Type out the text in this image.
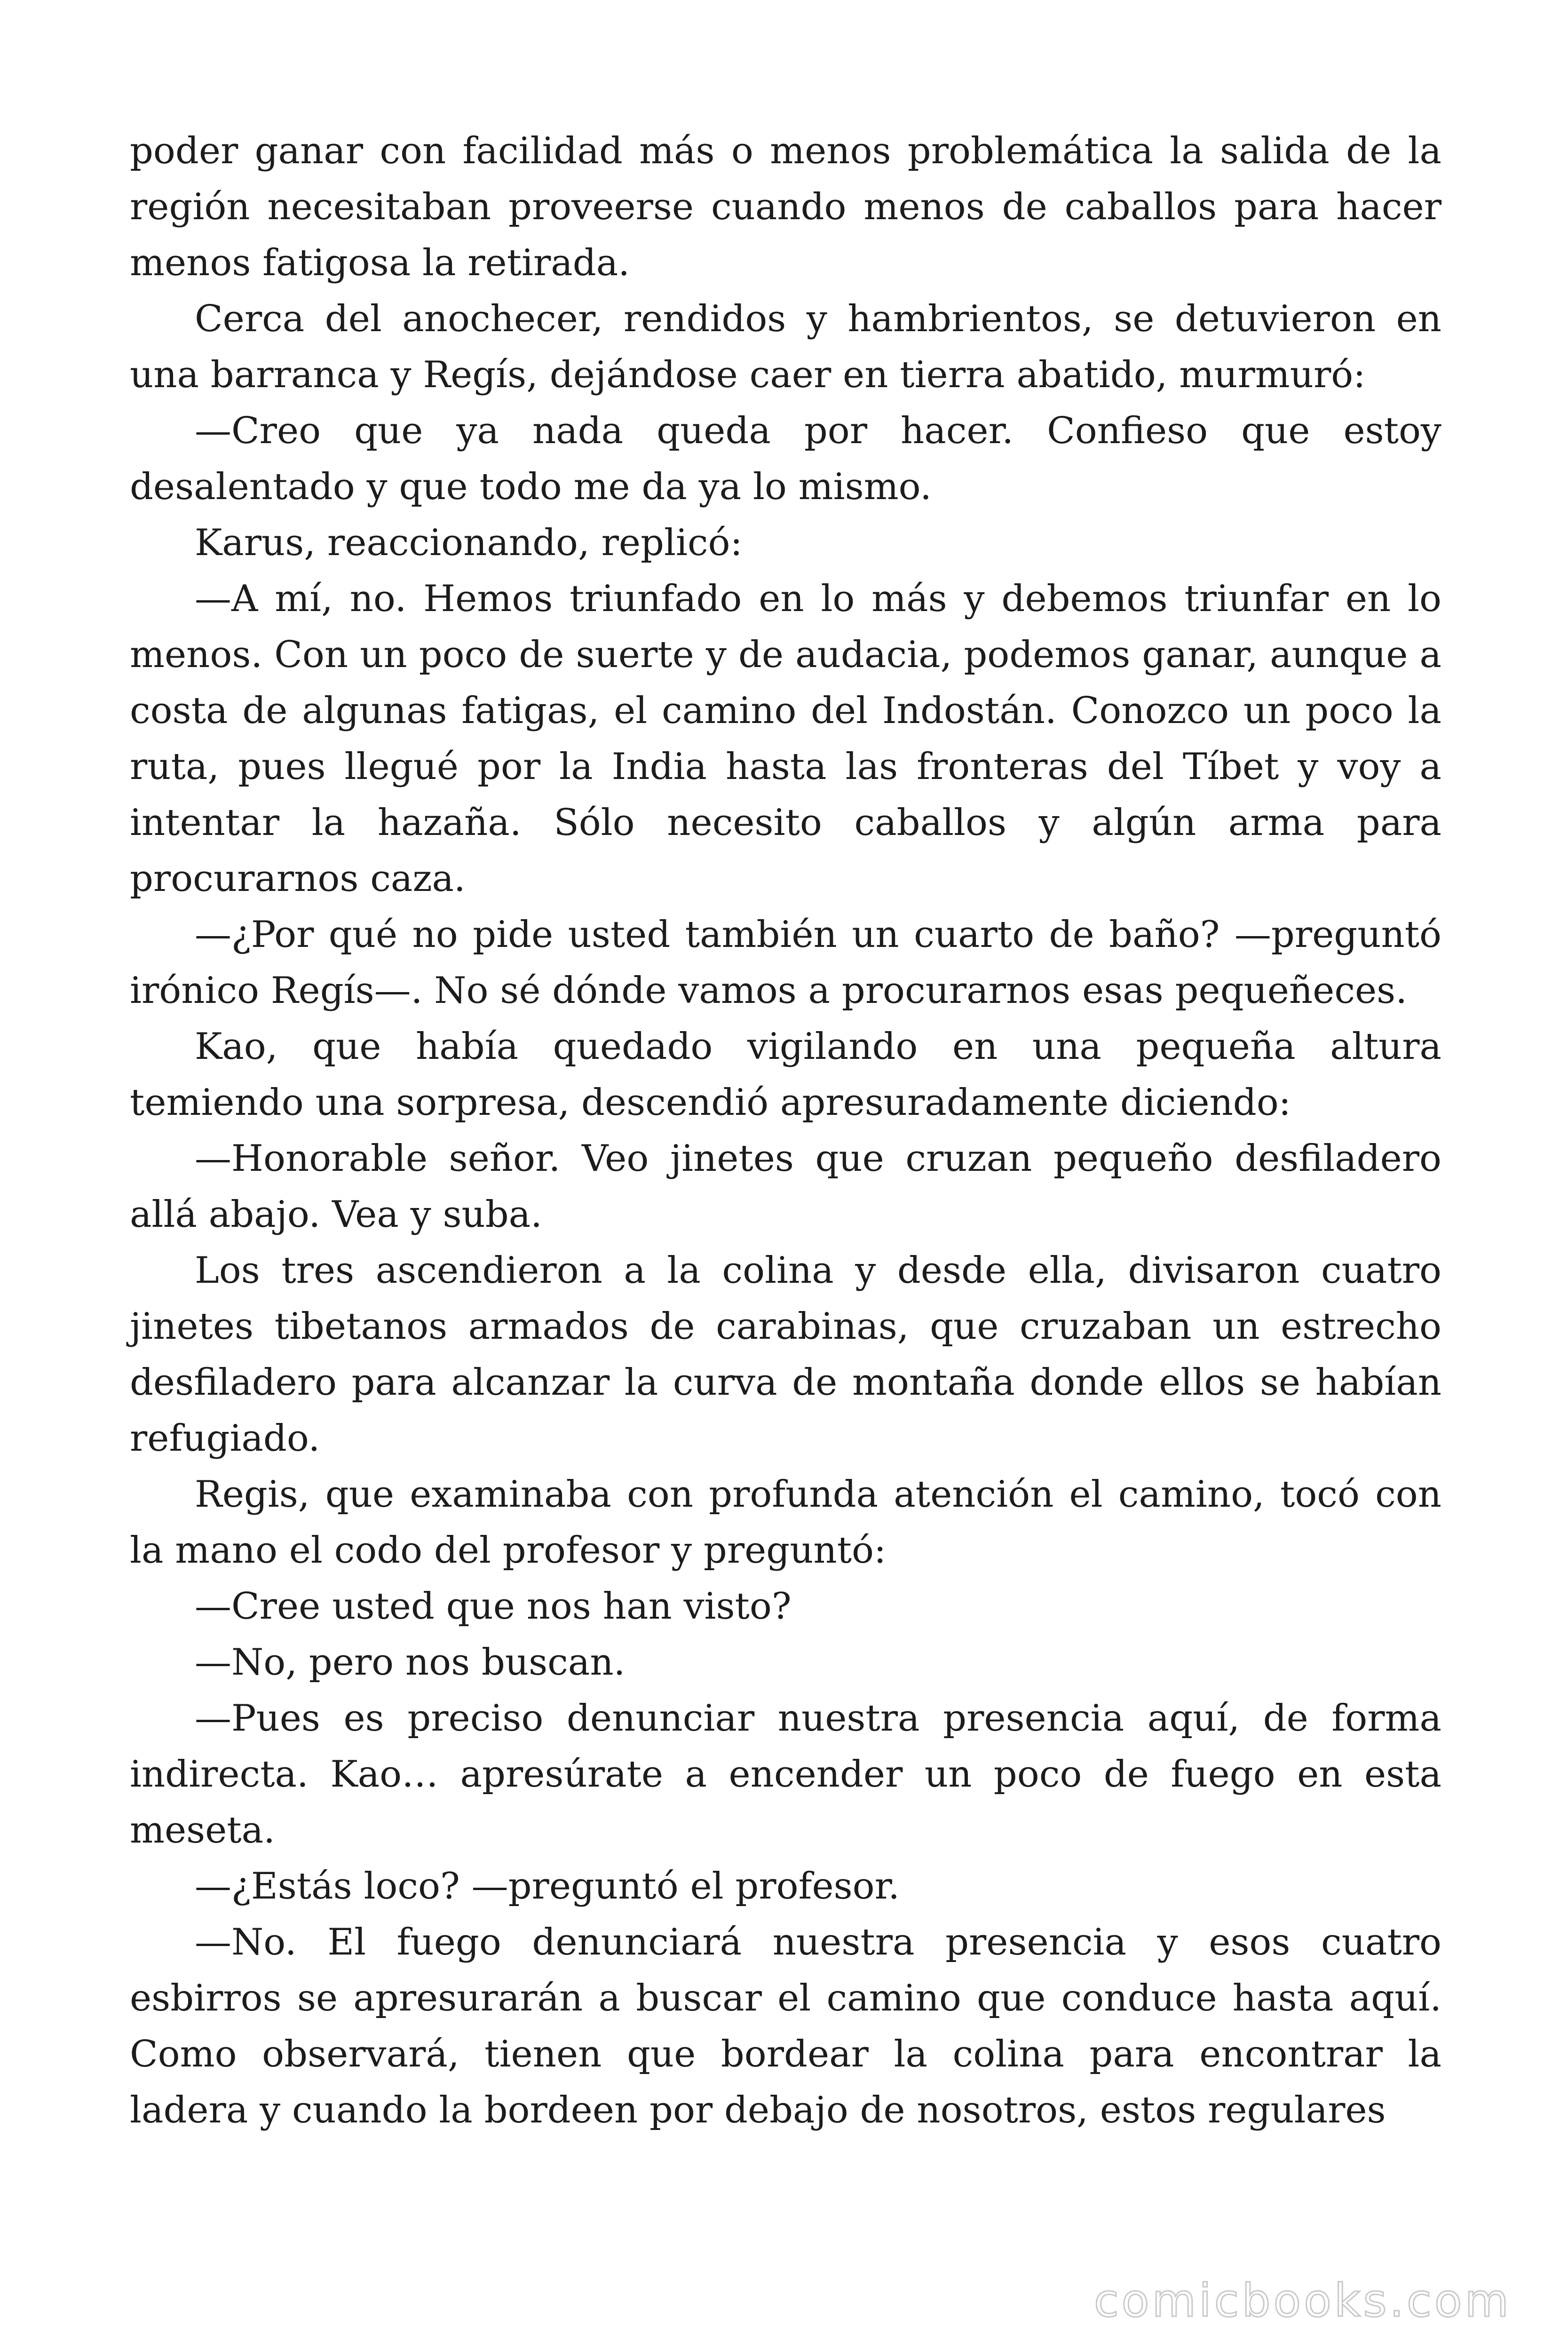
poder ganar con facilidad más o menos problemática la salida de la región necesitaban proveerse cuando menos de caballos para hacer menos fatigosa la retirada.

Cerca del anochecer, rendidos y hambrientos, se detuvieron en una barranca y Regís, dejándose caer en tierra abatido, murmuró:

—Creo que ya nada queda por hacer. Confieso que estoy desalentado y que todo me da ya lo mismo.

Karus, reaccionando, replicó:

—A mí, no. Hemos triunfado en lo más y debemos triunfar en lo menos. Con un poco de suerte y de audacia, podemos ganar, aunque a costa de algunas fatigas, el camino del Indostán. Conozco un poco la ruta, pues llegué por la India hasta las fronteras del Tíbet y voy a intentar la hazaña. Sólo necesito caballos y algún arma para procurarnos caza.

—¿Por qué no pide usted también un cuarto de baño? —preguntó irónico Regís—. No sé dónde vamos a procurarnos esas pequeñeces.

Kao, que había quedado vigilando en una pequeña altura temiendo una sorpresa, descendió apresuradamente diciendo:

—Honorable señor. Veo jinetes que cruzan pequeño desfiladero allá abajo. Vea y suba.

Los tres ascendieron a la colina y desde ella, divisaron cuatro jinetes tibetanos armados de carabinas, que cruzaban un estrecho desfiladero para alcanzar la curva de montaña donde ellos se habían refugiado.

Regis, que examinaba con profunda atención el camino, tocó con la mano el codo del profesor y preguntó:

—Cree usted que nos han visto?

—No, pero nos buscan.

—Pues es preciso denunciar nuestra presencia aquí, de forma indirecta. Kao… apresúrate a encender un poco de fuego en esta meseta.

—¿Estás loco? —preguntó el profesor.

—No. El fuego denunciará nuestra presencia y esos cuatro esbirros se apresurarán a buscar el camino que conduce hasta aquí. Como observará, tienen que bordear la colina para encontrar la ladera y cuando la bordeen por debajo de nosotros, estos regulares

comicbooks.com
